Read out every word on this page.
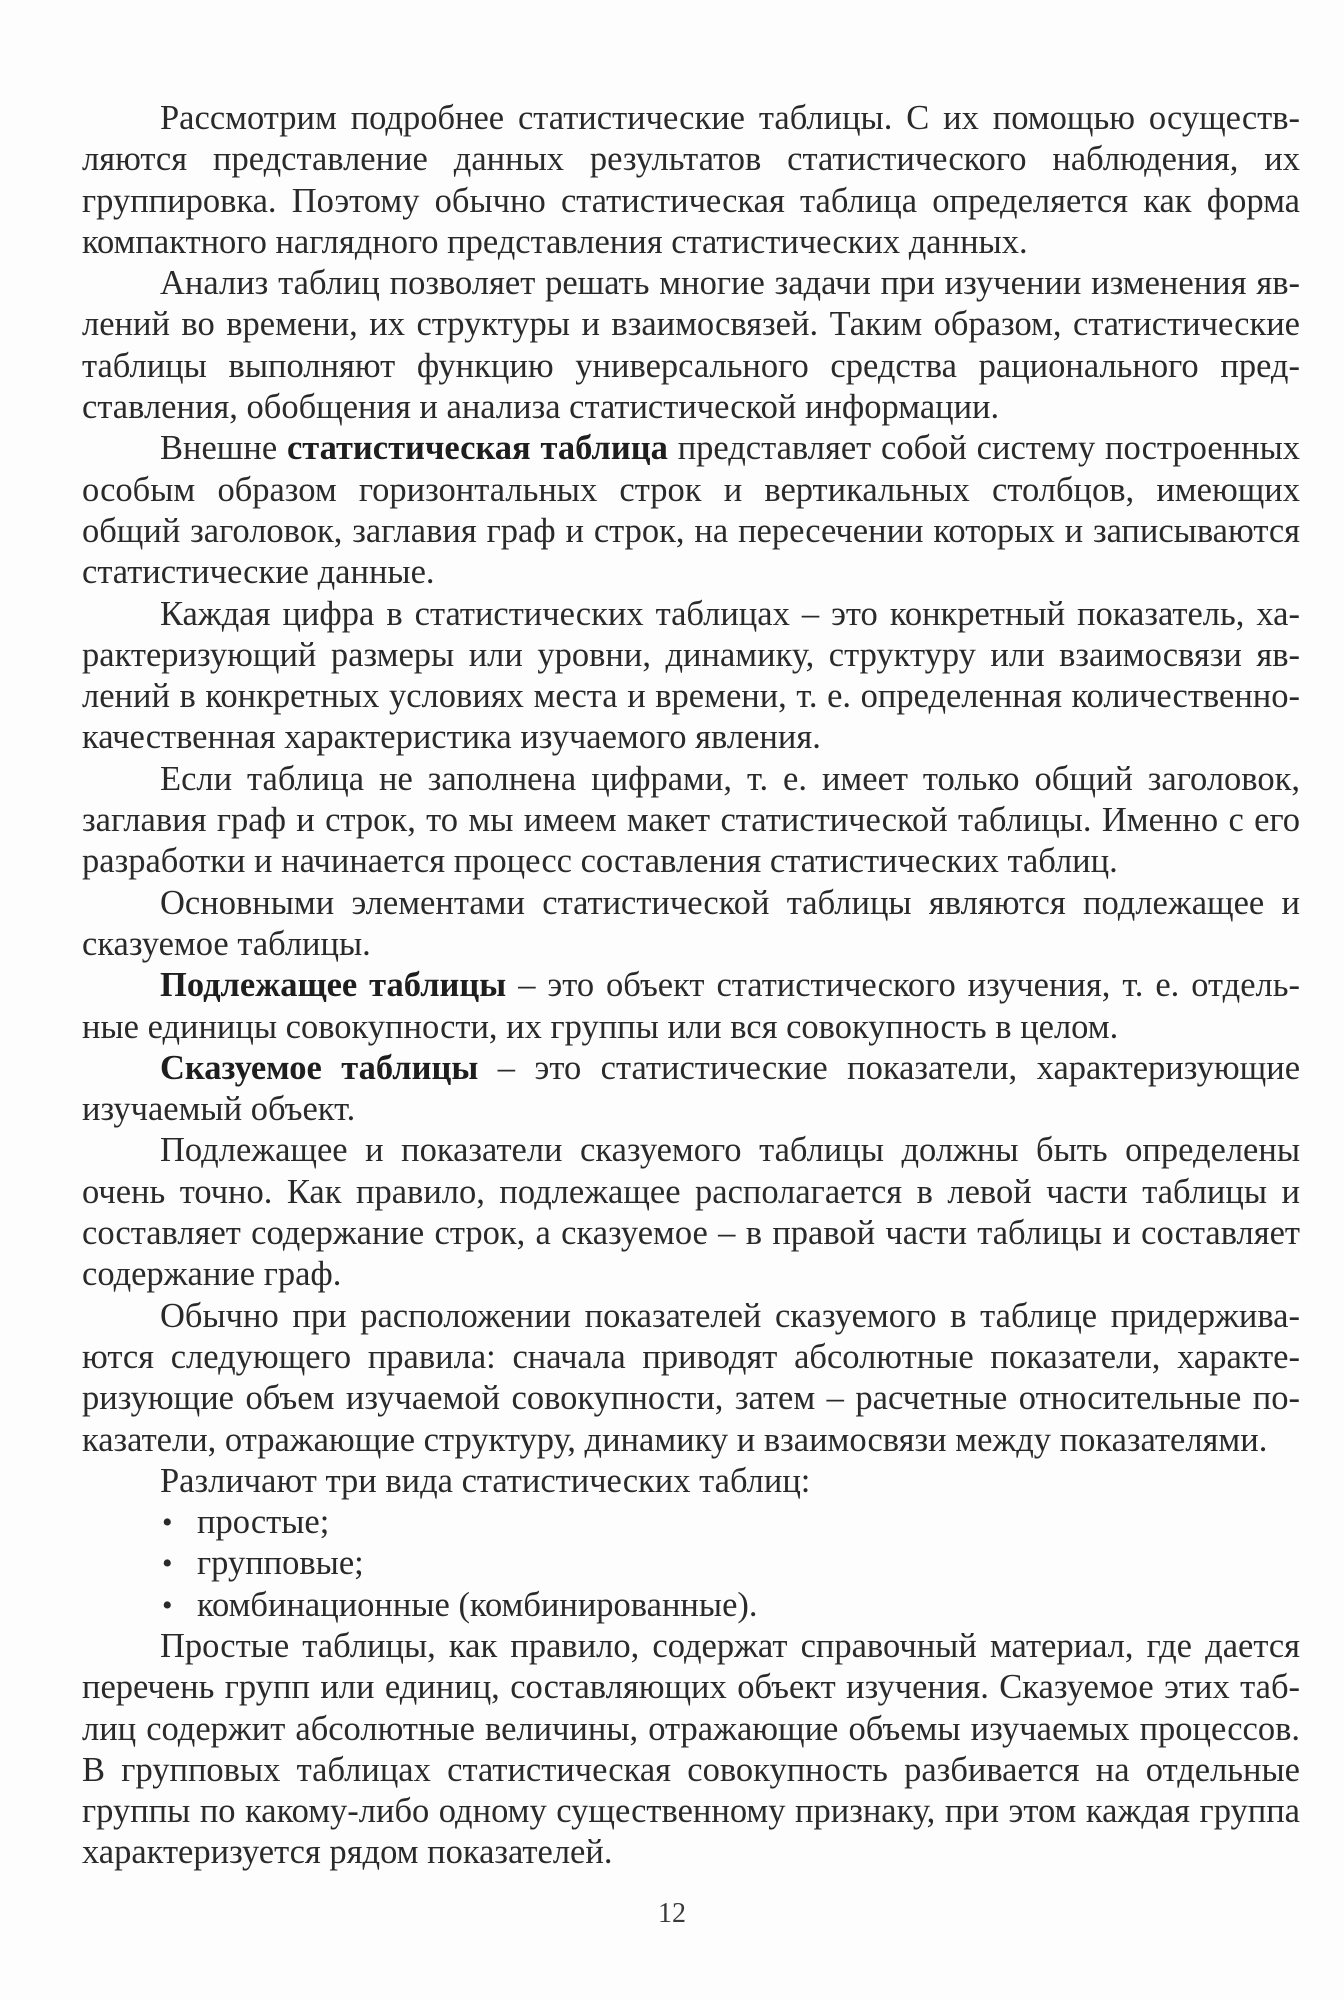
Рассмотрим подробнее статистические таблицы. С их помощью осуществляются представление данных результатов статистического наблюдения, их группировка. Поэтому обычно статистическая таблица определяется как форма компактного наглядного представления статистических данных.

Анализ таблиц позволяет решать многие задачи при изучении изменения явлений во времени, их структуры и взаимосвязей. Таким образом, статистические таблицы выполняют функцию универсального средства рационального представления, обобщения и анализа статистической информации.

Внешне статистическая таблица представляет собой систему построенных особым образом горизонтальных строк и вертикальных столбцов, имеющих общий заголовок, заглавия граф и строк, на пересечении которых и записываются статистические данные.

Каждая цифра в статистических таблицах – это конкретный показатель, характеризующий размеры или уровни, динамику, структуру или взаимосвязи явлений в конкретных условиях места и времени, т. е. определенная количественно-качественная характеристика изучаемого явления.

Если таблица не заполнена цифрами, т. е. имеет только общий заголовок, заглавия граф и строк, то мы имеем макет статистической таблицы. Именно с его разработки и начинается процесс составления статистических таблиц.

Основными элементами статистической таблицы являются подлежащее и сказуемое таблицы.

Подлежащее таблицы – это объект статистического изучения, т. е. отдельные единицы совокупности, их группы или вся совокупность в целом.

Сказуемое таблицы – это статистические показатели, характеризующие изучаемый объект.

Подлежащее и показатели сказуемого таблицы должны быть определены очень точно. Как правило, подлежащее располагается в левой части таблицы и составляет содержание строк, а сказуемое – в правой части таблицы и составляет содержание граф.

Обычно при расположении показателей сказуемого в таблице придерживаются следующего правила: сначала приводят абсолютные показатели, характеризующие объем изучаемой совокупности, затем – расчетные относительные показатели, отражающие структуру, динамику и взаимосвязи между показателями.

Различают три вида статистических таблиц:

• простые;
• групповые;
• комбинационные (комбинированные).

Простые таблицы, как правило, содержат справочный материал, где дается перечень групп или единиц, составляющих объект изучения. Сказуемое этих таблиц содержит абсолютные величины, отражающие объемы изучаемых процессов. В групповых таблицах статистическая совокупность разбивается на отдельные группы по какому-либо одному существенному признаку, при этом каждая группа характеризуется рядом показателей.

12
